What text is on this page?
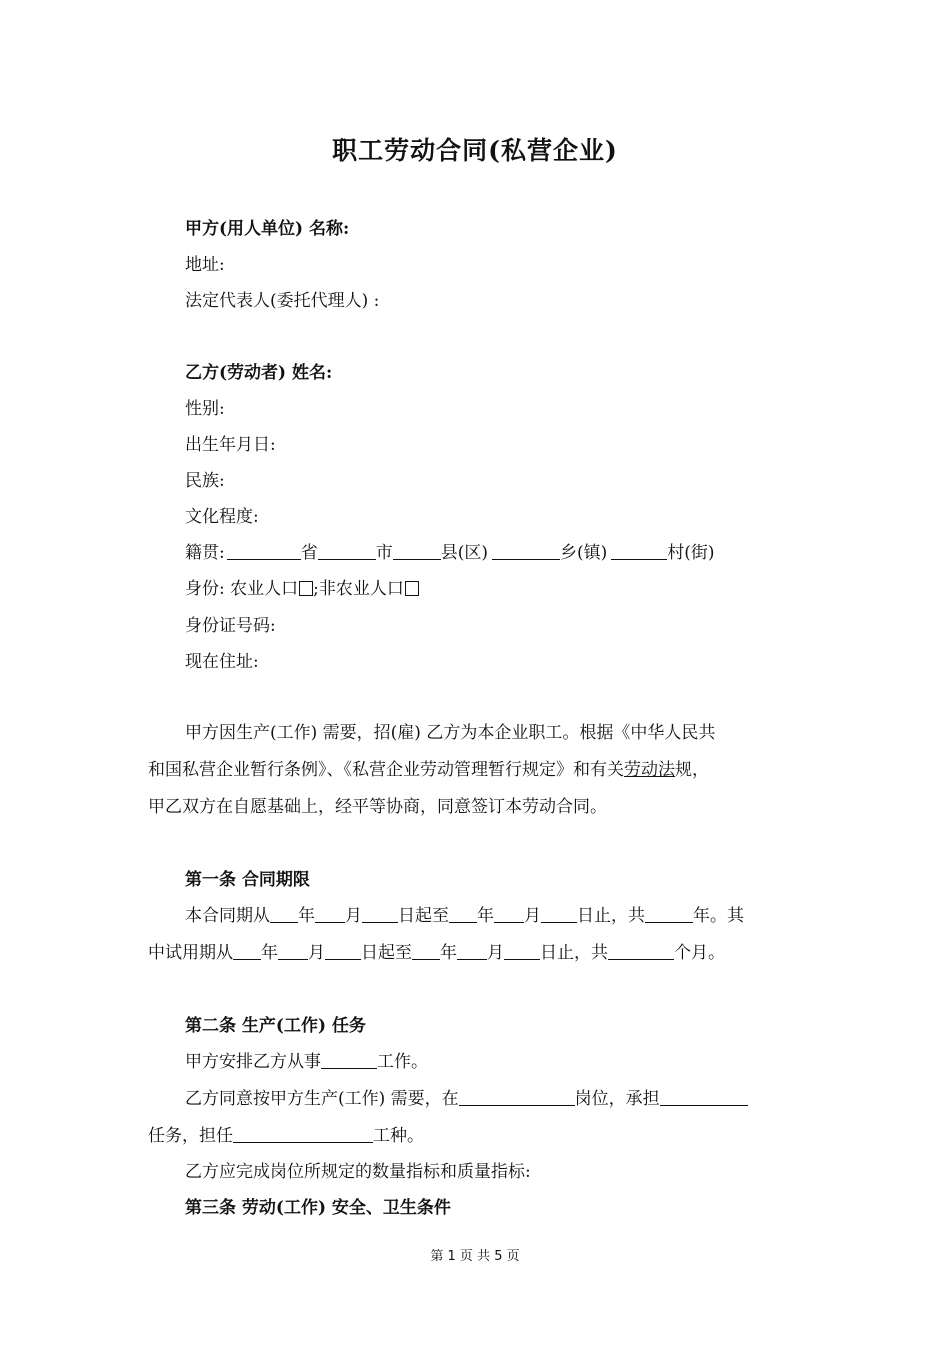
职工劳动合同(私营企业)
甲方(用人单位) 名称:
地址:
法定代表人(委托代理人) :
乙方(劳动者) 姓名:
性别:
出生年月日:
民族:
文化程度:
籍贯:	省	市	县(区)	乡(镇)	村(街)
身份: 农业人口 ;非农业人口
身份证号码:
现在住址:
甲方因生产(工作) 需要，招(雇) 乙方为本企业职工。根据《中华人民共
和国私营企业暂行条例》、《私营企业劳动管理暂行规定》和有关劳动法规，
甲乙双方在自愿基础上，经平等协商，同意签订本劳动合同。
第一条 合同期限
本合同期从 年 月 日起至 年 月 日止，共	年。其
中试用期从 年 月 日起至 年 月 日止，共	个月。
第二条 生产(工作) 任务
甲方安排乙方从事	工作。
乙方同意按甲方生产(工作) 需要，在	岗位，承担
任务，担任	工种。
乙方应完成岗位所规定的数量指标和质量指标:
第三条 劳动(工作) 安全、卫生条件
第 1 页 共 5 页
